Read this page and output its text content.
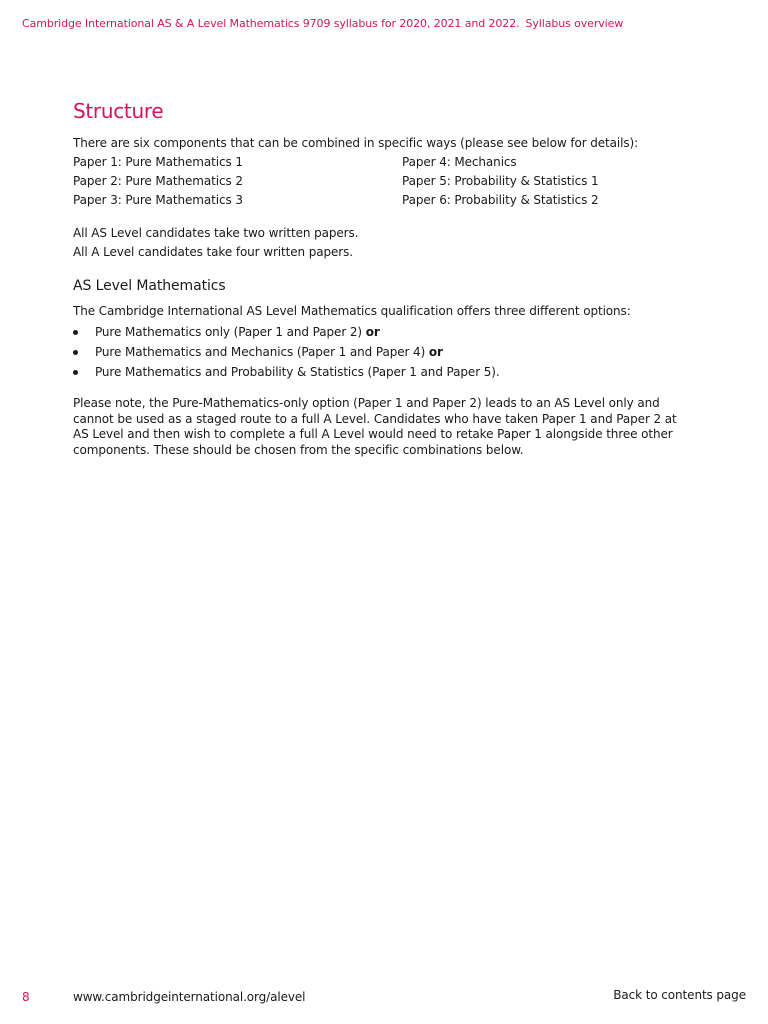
Cambridge International AS & A Level Mathematics 9709 syllabus for 2020, 2021 and 2022. Syllabus overview
Structure

There are six components that can be combined in specific ways (please see below for details):

Paper 1: Pure Mathematics 1	Paper 4: Mechanics
Paper 2: Pure Mathematics 2	Paper 5: Probability & Statistics 1
Paper 3: Pure Mathematics 3	Paper 6: Probability & Statistics 2
All AS Level candidates take two written papers.
All A Level candidates take four written papers.
AS Level Mathematics

The Cambridge International AS Level Mathematics qualification offers three different options:

Pure Mathematics only (Paper 1 and Paper 2) or
Pure Mathematics and Mechanics (Paper 1 and Paper 4) or
Pure Mathematics and Probability & Statistics (Paper 1 and Paper 5).

Please note, the Pure-Mathematics-only option (Paper 1 and Paper 2) leads to an AS Level only and cannot be used as a staged route to a full A Level. Candidates who have taken Paper 1 and Paper 2 at AS Level and then wish to complete a full A Level would need to retake Paper 1 alongside three other components. These should be chosen from the specific combinations below.

8	www.cambridgeinternational.org/alevel	Back to contents page
